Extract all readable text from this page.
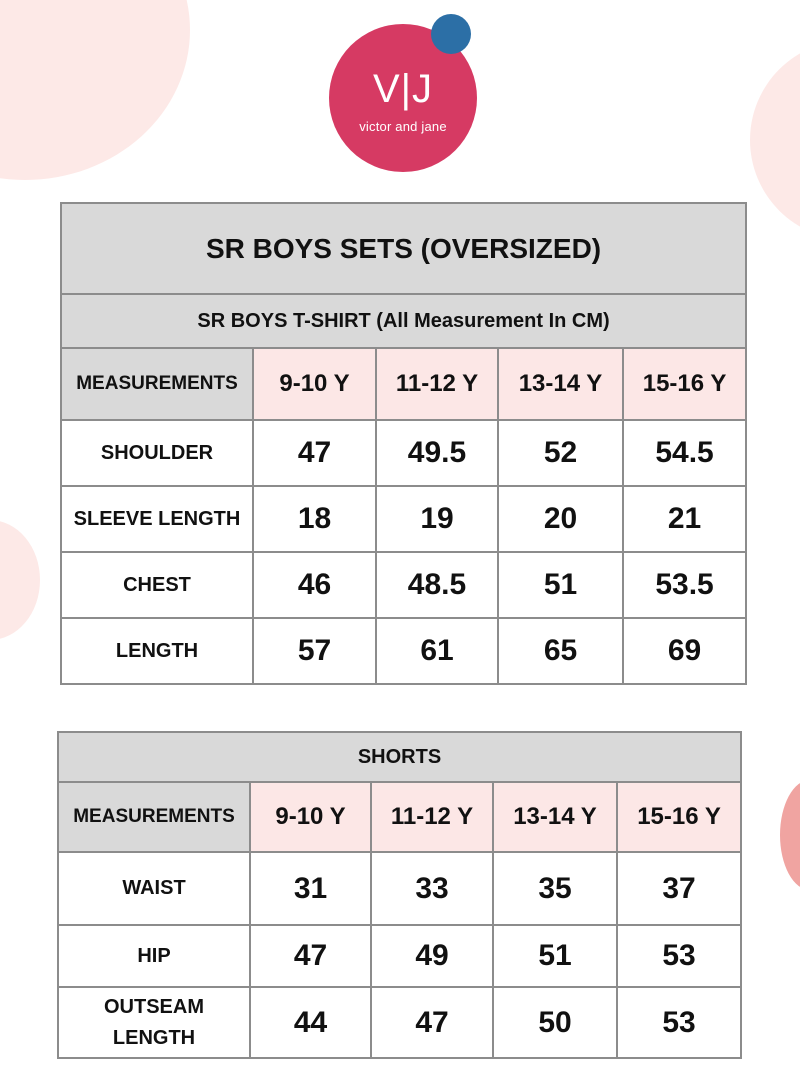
V|J
victor and jane
SR BOYS SETS (OVERSIZED)				
SR BOYS T-SHIRT (All Measurement In CM)				
MEASUREMENTS	9-10 Y	11-12 Y	13-14 Y	15-16 Y
SHOULDER	47	49.5	52	54.5
SLEEVE LENGTH	18	19	20	21
CHEST	46	48.5	51	53.5
LENGTH	57	61	65	69
SHORTS				
MEASUREMENTS	9-10 Y	11-12 Y	13-14 Y	15-16 Y
WAIST	31	33	35	37
HIP	47	49	51	53
OUTSEAM
LENGTH	44	47	50	53
